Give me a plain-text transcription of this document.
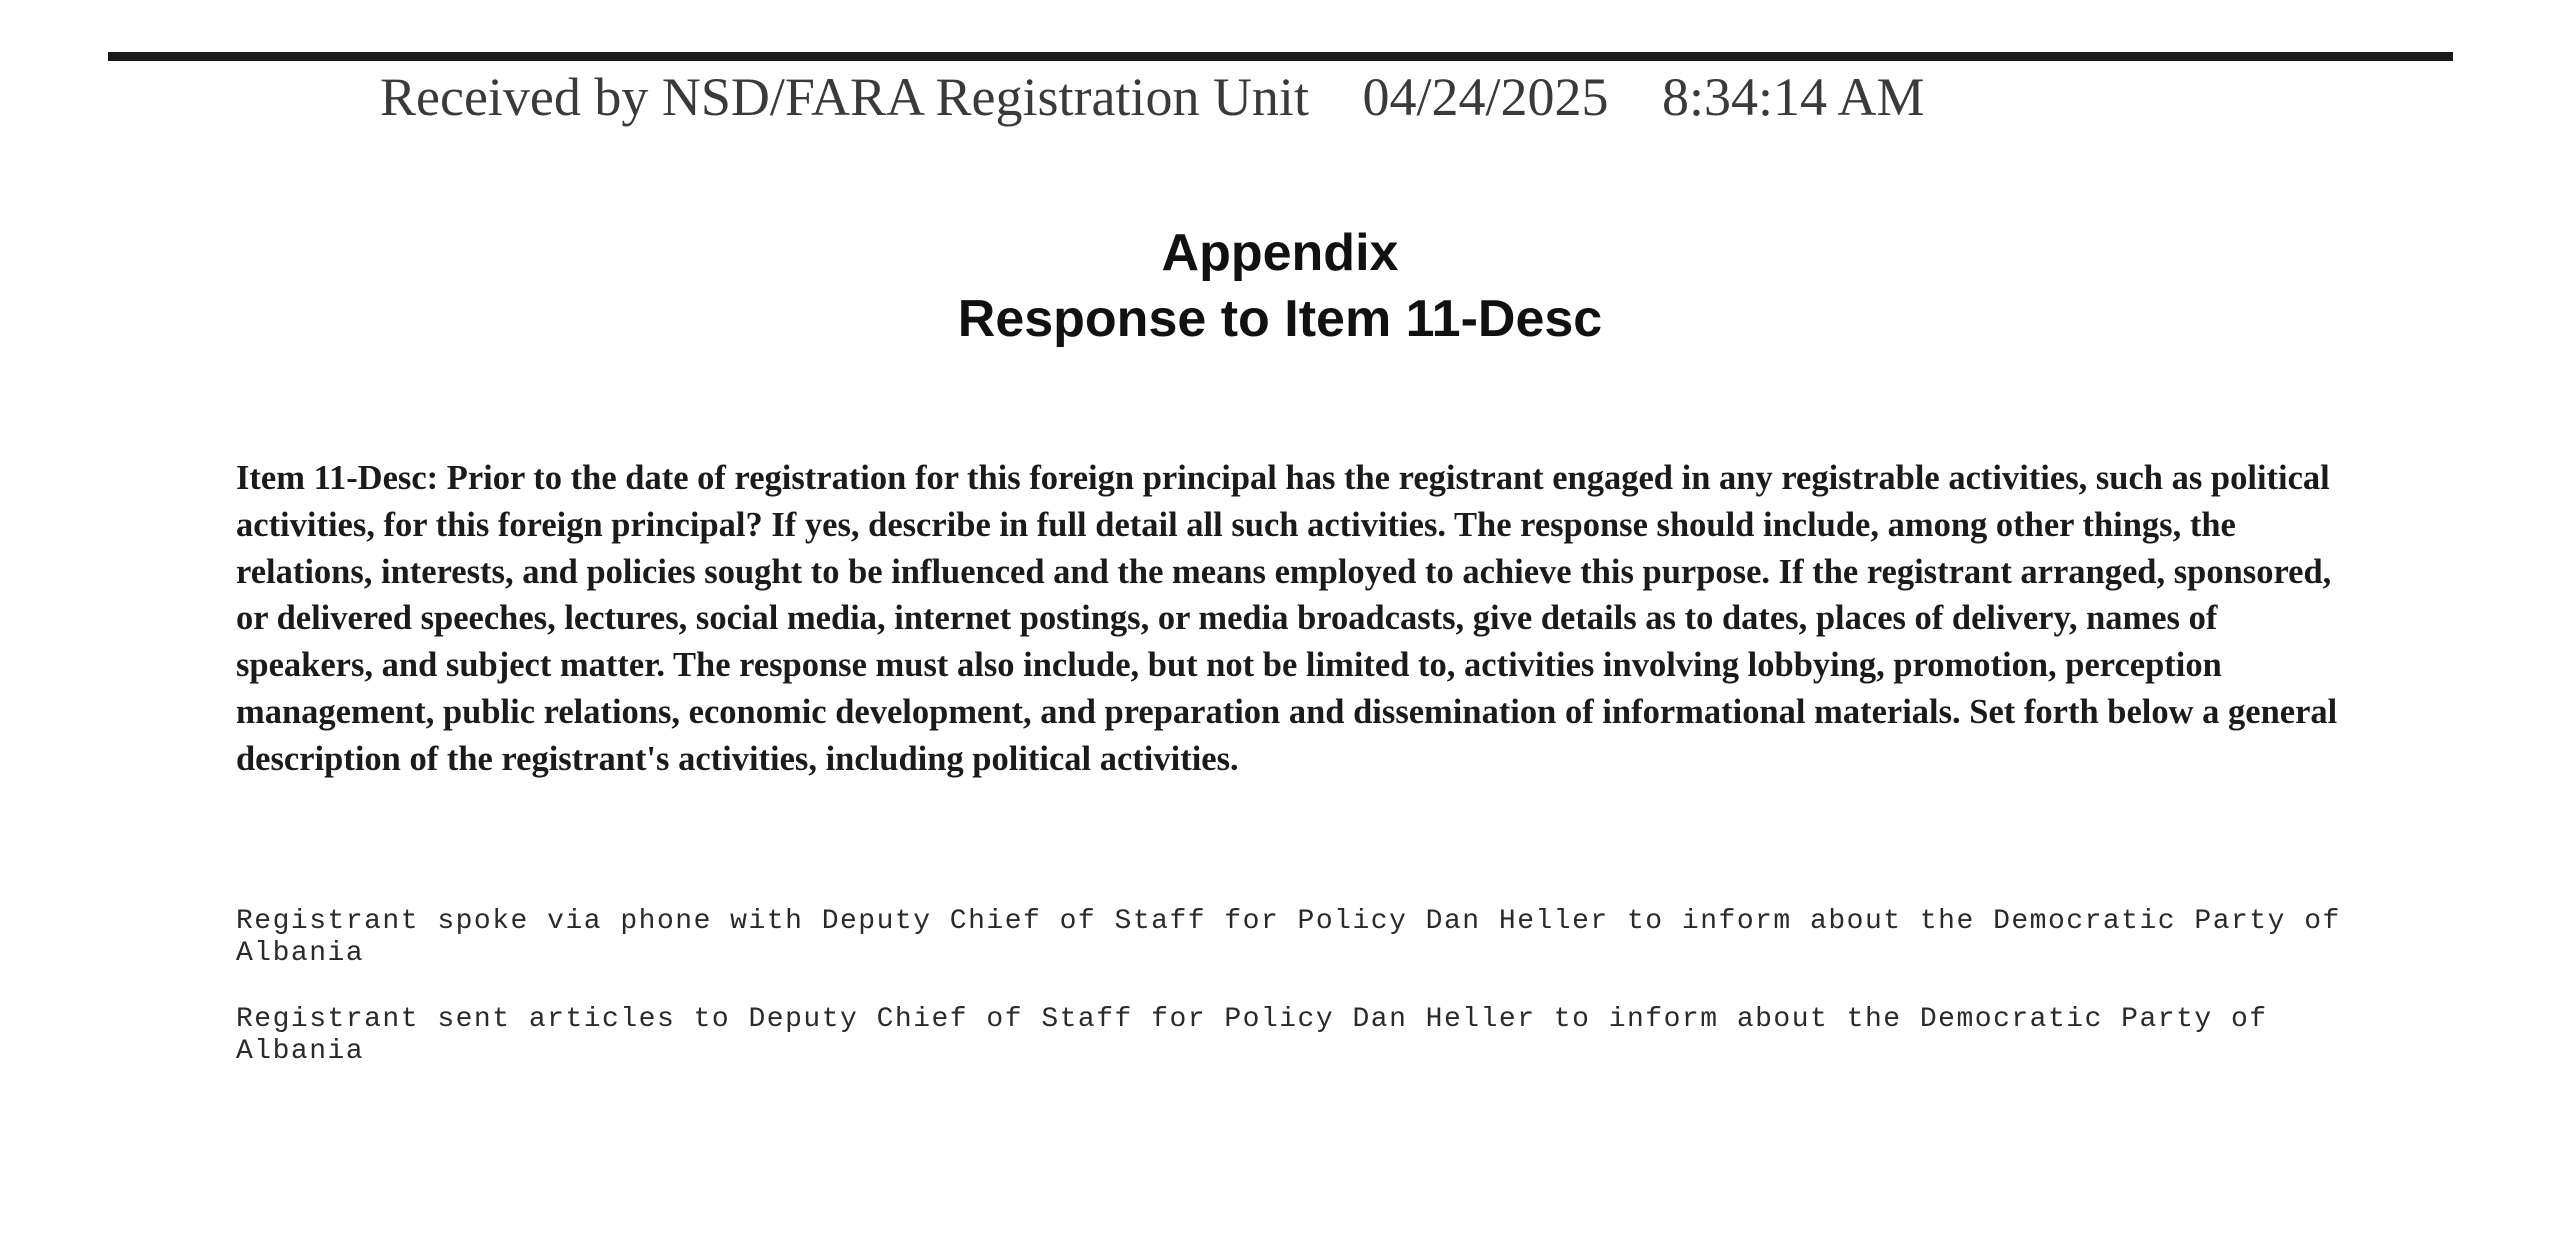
Received by NSD/FARA Registration Unit 04/24/2025 8:34:14 AM
Appendix
Response to Item 11-Desc
Item 11-Desc: Prior to the date of registration for this foreign principal has the registrant engaged in any registrable activities, such as political activities, for this foreign principal? If yes, describe in full detail all such activities. The response should include, among other things, the relations, interests, and policies sought to be influenced and the means employed to achieve this purpose. If the registrant arranged, sponsored, or delivered speeches, lectures, social media, internet postings, or media broadcasts, give details as to dates, places of delivery, names of speakers, and subject matter. The response must also include, but not be limited to, activities involving lobbying, promotion, perception management, public relations, economic development, and preparation and dissemination of informational materials. Set forth below a general description of the registrant's activities, including political activities.
Registrant spoke via phone with Deputy Chief of Staff for Policy Dan Heller to inform about the Democratic Party of Albania
Registrant sent articles to Deputy Chief of Staff for Policy Dan Heller to inform about the Democratic Party of Albania
